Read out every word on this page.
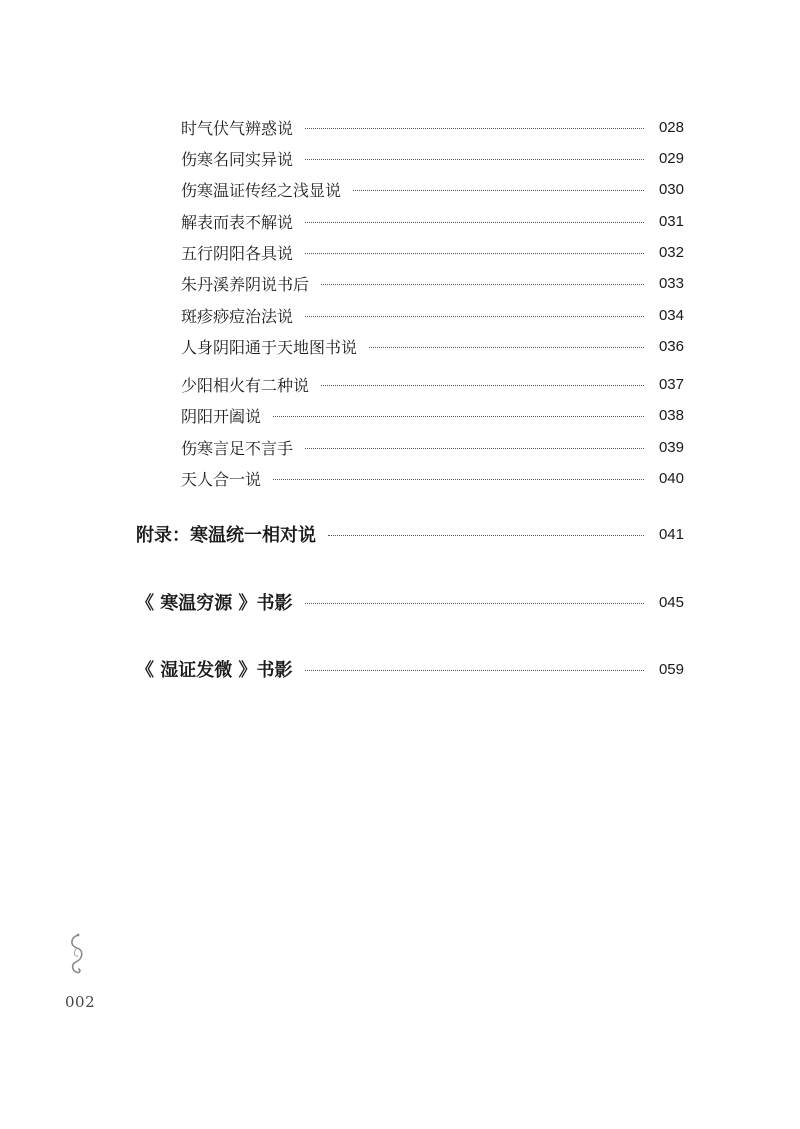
时气伏气辨惑说	028
伤寒名同实异说	029
伤寒温证传经之浅显说	030
解表而表不解说	031
五行阴阳各具说	032
朱丹溪养阴说书后	033
斑疹痧痘治法说	034
人身阴阳通于天地图书说	036
少阳相火有二种说	037
阴阳开阖说	038
伤寒言足不言手	039
天人合一说	040
附录：寒温统一相对说	041
《 寒温穷源 》书影	045
《 湿证发微 》书影	059
002
